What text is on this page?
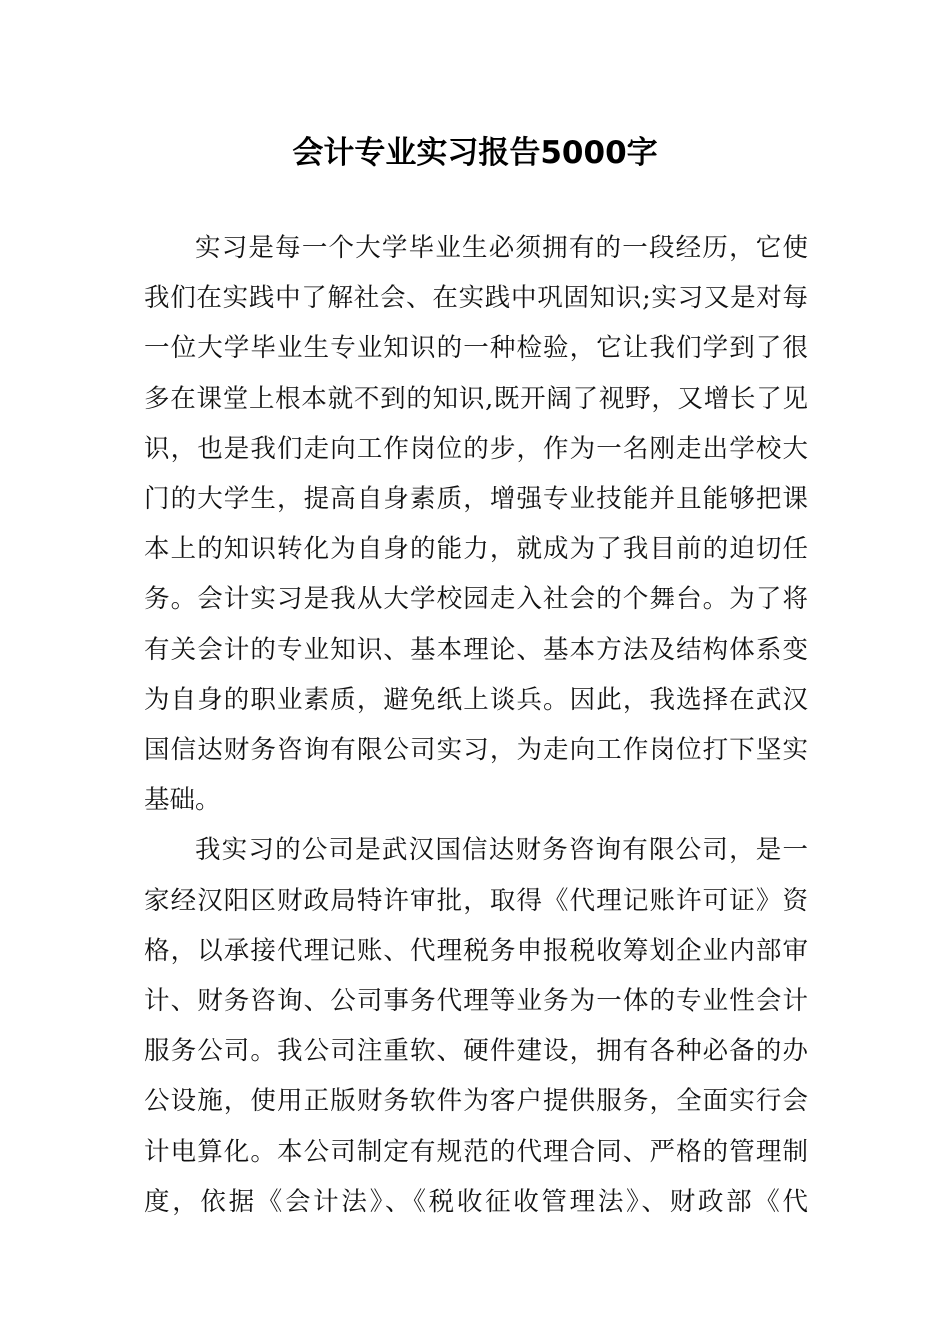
会计专业实习报告5000字
实习是每一个大学毕业生必须拥有的一段经历，它使
我们在实践中了解社会、在实践中巩固知识;实习又是对每
一位大学毕业生专业知识的一种检验，它让我们学到了很
多在课堂上根本就不到的知识,既开阔了视野，又增长了见
识，也是我们走向工作岗位的步，作为一名刚走出学校大
门的大学生，提高自身素质，增强专业技能并且能够把课
本上的知识转化为自身的能力，就成为了我目前的迫切任
务。会计实习是我从大学校园走入社会的个舞台。为了将
有关会计的专业知识、基本理论、基本方法及结构体系变
为自身的职业素质，避免纸上谈兵。因此，我选择在武汉
国信达财务咨询有限公司实习，为走向工作岗位打下坚实
基础。
我实习的公司是武汉国信达财务咨询有限公司，是一
家经汉阳区财政局特许审批，取得《代理记账许可证》资
格，以承接代理记账、代理税务申报税收筹划企业内部审
计、财务咨询、公司事务代理等业务为一体的专业性会计
服务公司。我公司注重软、硬件建设，拥有各种必备的办
公设施，使用正版财务软件为客户提供服务，全面实行会
计电算化。本公司制定有规范的代理合同、严格的管理制
度，依据《会计法》、《税收征收管理法》、财政部《代
